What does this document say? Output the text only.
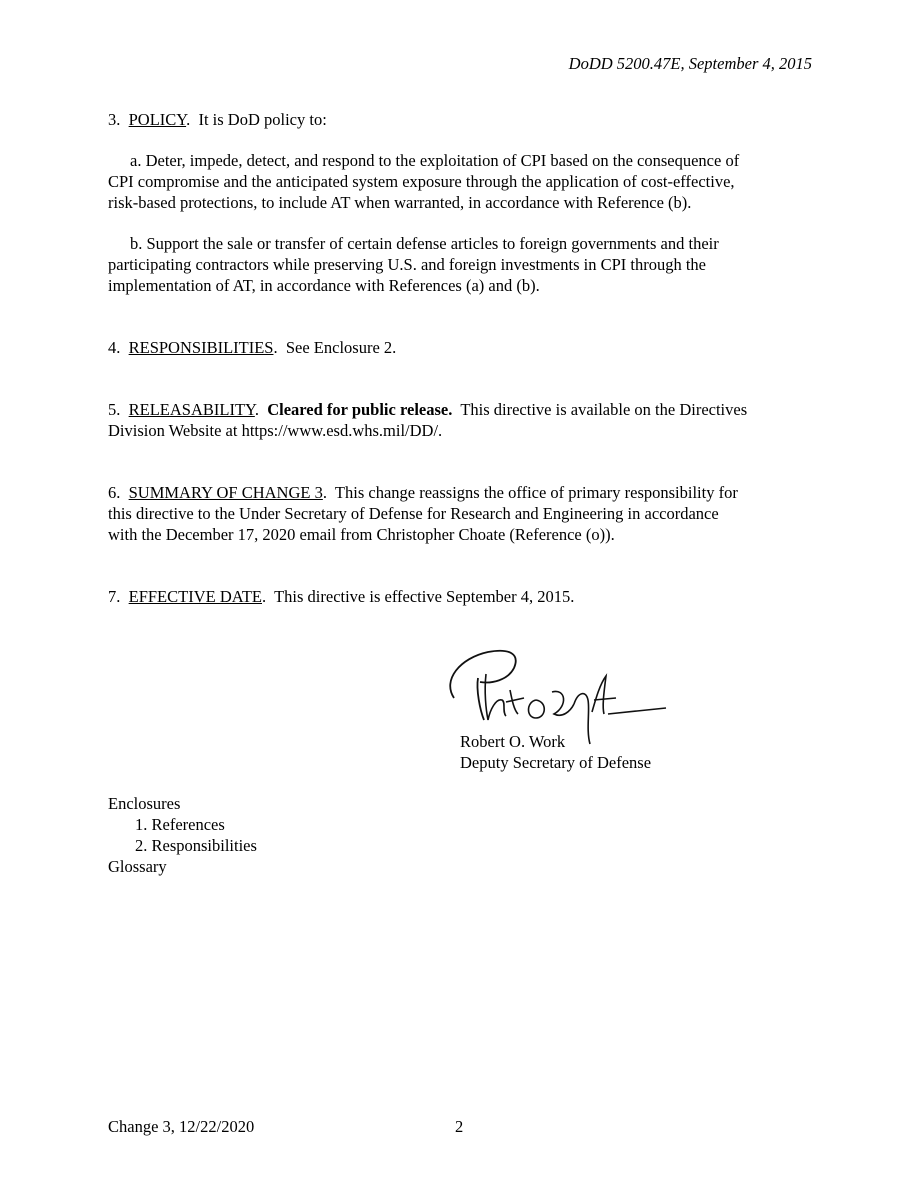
DoDD 5200.47E, September 4, 2015
3. POLICY.  It is DoD policy to:
a. Deter, impede, detect, and respond to the exploitation of CPI based on the consequence of
CPI compromise and the anticipated system exposure through the application of cost-effective,
risk-based protections, to include AT when warranted, in accordance with Reference (b).
b. Support the sale or transfer of certain defense articles to foreign governments and their
participating contractors while preserving U.S. and foreign investments in CPI through the
implementation of AT, in accordance with References (a) and (b).
4. RESPONSIBILITIES.  See Enclosure 2.
5. RELEASABILITY.  Cleared for public release. This directive is available on the Directives
Division Website at https://www.esd.whs.mil/DD/.
6. SUMMARY OF CHANGE 3.  This change reassigns the office of primary responsibility for
this directive to the Under Secretary of Defense for Research and Engineering in accordance
with the December 17, 2020 email from Christopher Choate (Reference (o)).
7. EFFECTIVE DATE.  This directive is effective September 4, 2015.
Robert O. Work
Deputy Secretary of Defense
Enclosures
1. References
2. Responsibilities
Glossary
Change 3, 12/22/2020	2
